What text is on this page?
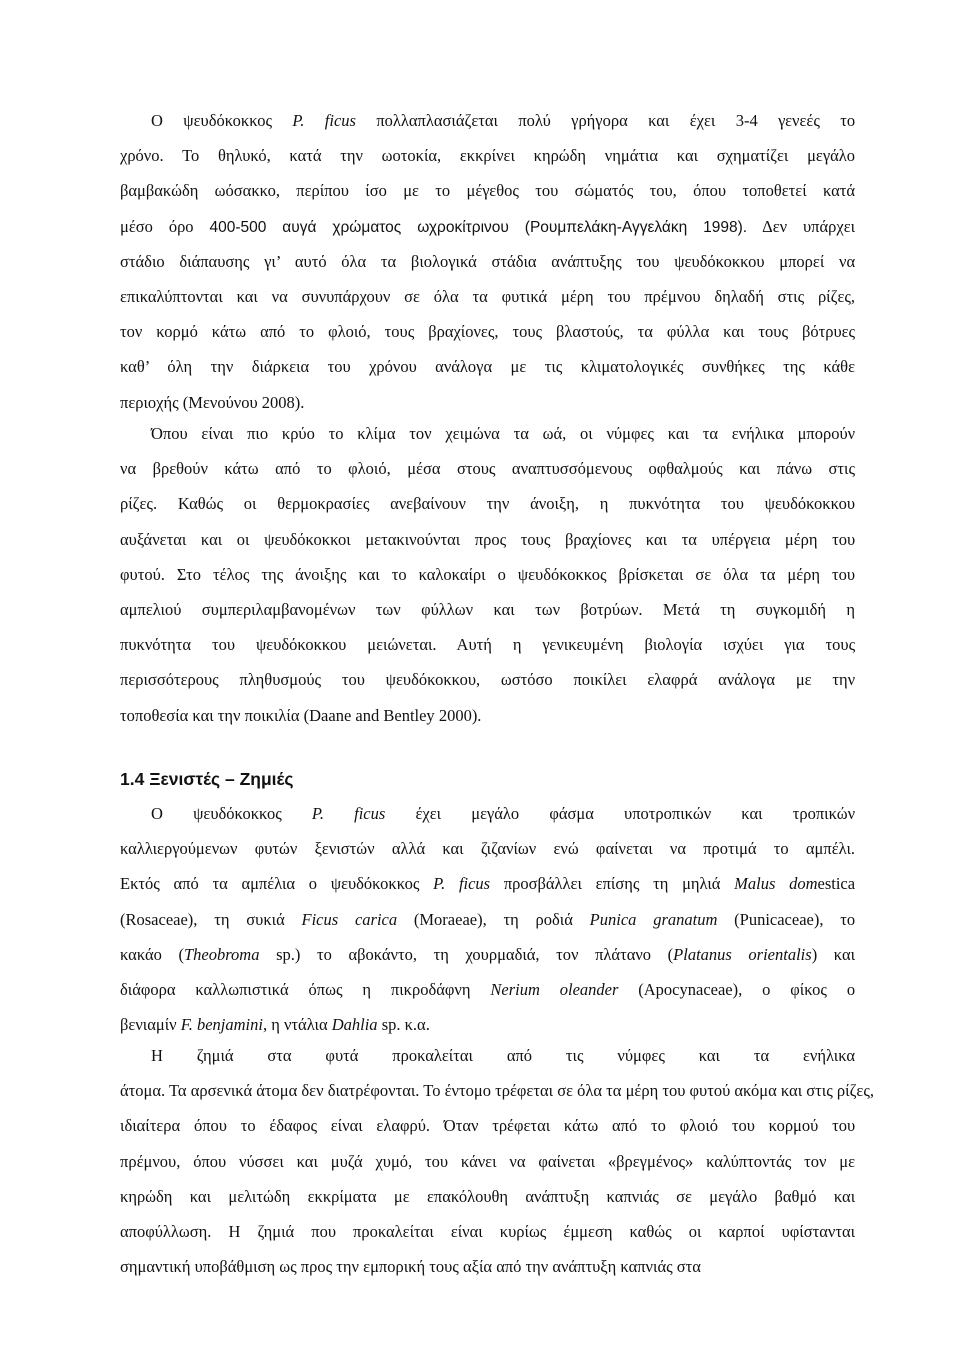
Ο ψευδόκοκκος P. ficus πολλαπλασιάζεται πολύ γρήγορα και έχει 3-4 γενεές το
χρόνο. Το θηλυκό, κατά την ωοτοκία, εκκρίνει κηρώδη νημάτια και σχηματίζει μεγάλο
βαμβακώδη ωόσακκο, περίπου ίσο με το μέγεθος του σώματός του, όπου τοποθετεί κατά
μέσο όρο 400-500 αυγά χρώματος ωχροκίτρινου (Ρουμπελάκη-Αγγελάκη 1998). Δεν υπάρχει
στάδιο διάπαυσης γι’ αυτό όλα τα βιολογικά στάδια ανάπτυξης του ψευδόκοκκου μπορεί να
επικαλύπτονται και να συνυπάρχουν σε όλα τα φυτικά μέρη του πρέμνου δηλαδή στις ρίζες,
τον κορμό κάτω από το φλοιό, τους βραχίονες, τους βλαστούς, τα φύλλα και τους βότρυες
καθ’ όλη την διάρκεια του χρόνου ανάλογα με τις κλιματολογικές συνθήκες της κάθε
περιοχής (Μενούνου 2008).
Όπου είναι πιο κρύο το κλίμα τον χειμώνα τα ωά, οι νύμφες και τα ενήλικα μπορούν
να βρεθούν κάτω από το φλοιό, μέσα στους αναπτυσσόμενους οφθαλμούς και πάνω στις
ρίζες. Καθώς οι θερμοκρασίες ανεβαίνουν την άνοιξη, η πυκνότητα του ψευδόκοκκου
αυξάνεται και οι ψευδόκοκκοι μετακινούνται προς τους βραχίονες και τα υπέργεια μέρη του
φυτού. Στο τέλος της άνοιξης και το καλοκαίρι ο ψευδόκοκκος βρίσκεται σε όλα τα μέρη του
αμπελιού συμπεριλαμβανομένων των φύλλων και των βοτρύων. Μετά τη συγκομιδή η
πυκνότητα του ψευδόκοκκου μειώνεται. Αυτή η γενικευμένη βιολογία ισχύει για τους
περισσότερους πληθυσμούς του ψευδόκοκκου, ωστόσο ποικίλει ελαφρά ανάλογα με την
τοποθεσία και την ποικιλία (Daane and Bentley 2000).
1.4 Ξενιστές – Ζημιές
Ο ψευδόκοκκος P. ficus έχει μεγάλο φάσμα υποτροπικών και τροπικών
καλλιεργούμενων φυτών ξενιστών αλλά και ζιζανίων ενώ φαίνεται να προτιμά το αμπέλι.
Εκτός από τα αμπέλια ο ψευδόκοκκος P. ficus προσβάλλει επίσης τη μηλιά Malus domestica
(Rosaceae), τη συκιά Ficus carica (Moraeae), τη ροδιά Punica granatum (Punicaceae), το
κακάο (Theobroma sp.) το αβοκάντο, τη χουρμαδιά, τον πλάτανο (Platanus orientalis) και
διάφορα καλλωπιστικά όπως η πικροδάφνη Nerium oleander (Apocynaceae), ο φίκος ο
βενιαμίν F. benjamini, η ντάλια Dahlia sp. κ.α.
Η ζημιά στα φυτά προκαλείται από τις νύμφες και τα ενήλικα
άτομα. Τα αρσενικά άτομα δεν διατρέφονται. Το έντομο τρέφεται σε όλα τα μέρη του φυτού ακόμα και στις ρίζες,
ιδιαίτερα όπου το έδαφος είναι ελαφρύ. Όταν τρέφεται κάτω από το φλοιό του κορμού του
πρέμνου, όπου νύσσει και μυζά χυμό, του κάνει να φαίνεται «βρεγμένος» καλύπτοντάς τον με
κηρώδη και μελιτώδη εκκρίματα με επακόλουθη ανάπτυξη καπνιάς σε μεγάλο βαθμό και
αποφύλλωση. Η ζημιά που προκαλείται είναι κυρίως έμμεση καθώς οι καρποί υφίστανται
σημαντική υποβάθμιση ως προς την εμπορική τους αξία από την ανάπτυξη καπνιάς στα
